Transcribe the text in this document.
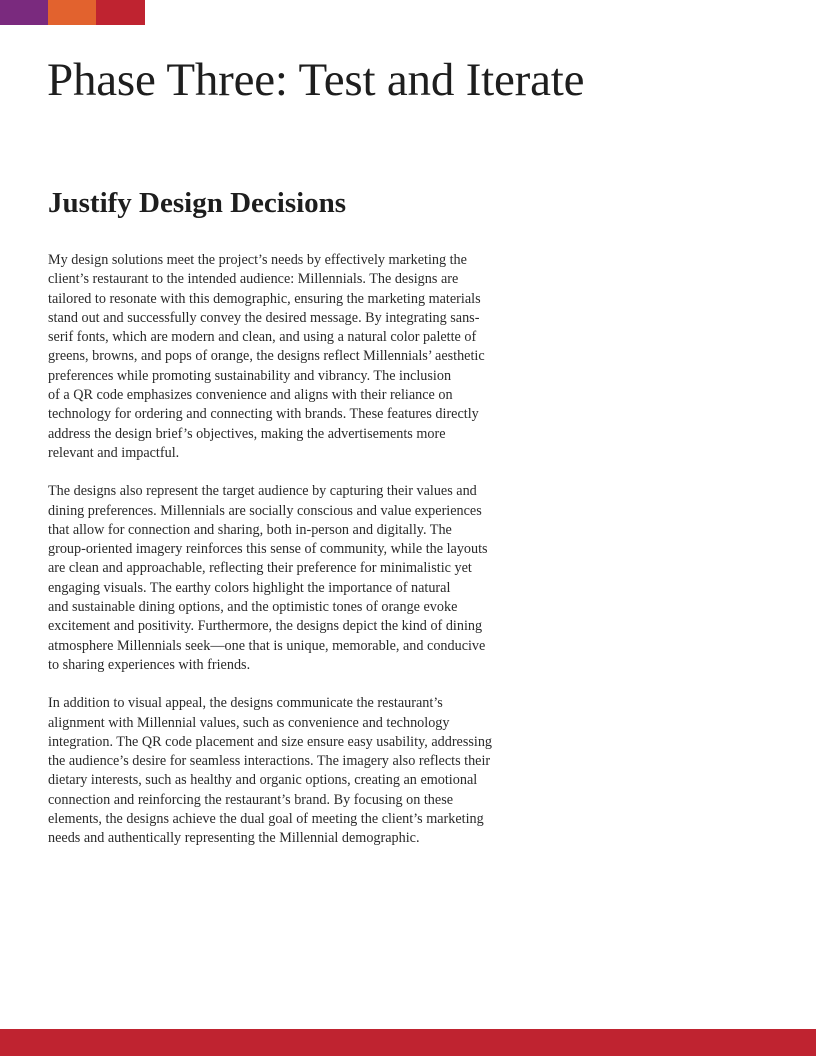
Phase Three: Test and Iterate
Justify Design Decisions

My design solutions meet the project’s needs by effectively marketing the
client’s restaurant to the intended audience: Millennials. The designs are
tailored to resonate with this demographic, ensuring the marketing materials
stand out and successfully convey the desired message. By integrating sans-
serif fonts, which are modern and clean, and using a natural color palette of
greens, browns, and pops of orange, the designs reflect Millennials’ aesthetic
preferences while promoting sustainability and vibrancy. The inclusion
of a QR code emphasizes convenience and aligns with their reliance on
technology for ordering and connecting with brands. These features directly
address the design brief’s objectives, making the advertisements more
relevant and impactful.

The designs also represent the target audience by capturing their values and
dining preferences. Millennials are socially conscious and value experiences
that allow for connection and sharing, both in-person and digitally. The
group-oriented imagery reinforces this sense of community, while the layouts
are clean and approachable, reflecting their preference for minimalistic yet
engaging visuals. The earthy colors highlight the importance of natural
and sustainable dining options, and the optimistic tones of orange evoke
excitement and positivity. Furthermore, the designs depict the kind of dining
atmosphere Millennials seek—one that is unique, memorable, and conducive
to sharing experiences with friends.

In addition to visual appeal, the designs communicate the restaurant’s
alignment with Millennial values, such as convenience and technology
integration. The QR code placement and size ensure easy usability, addressing
the audience’s desire for seamless interactions. The imagery also reflects their
dietary interests, such as healthy and organic options, creating an emotional
connection and reinforcing the restaurant’s brand. By focusing on these
elements, the designs achieve the dual goal of meeting the client’s marketing
needs and authentically representing the Millennial demographic.
